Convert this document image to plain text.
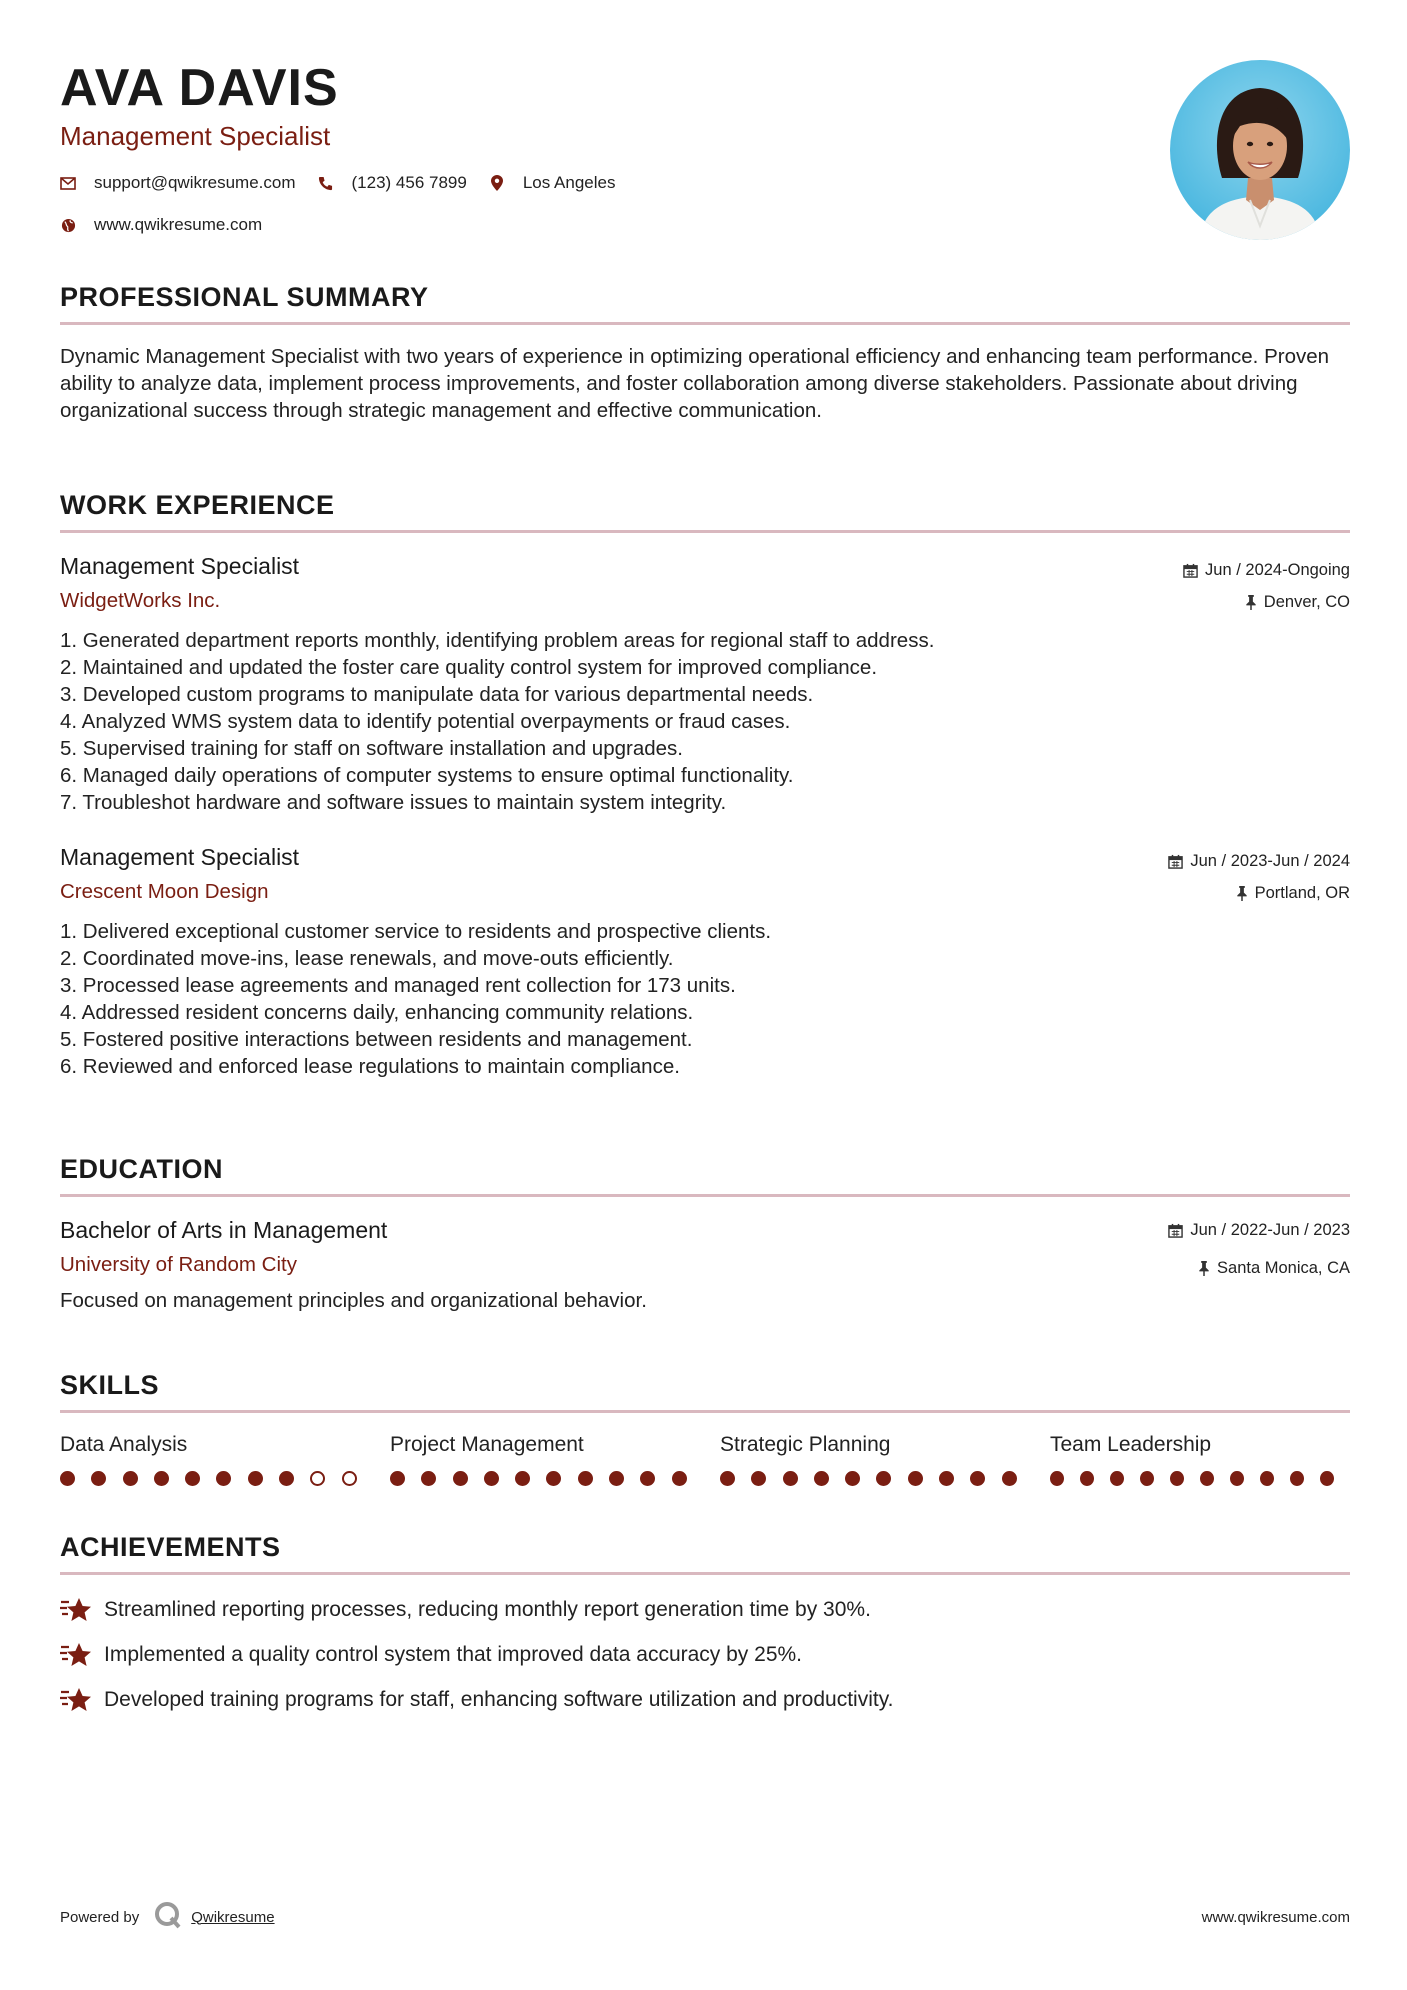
AVA DAVIS
Management Specialist
support@qwikresume.com	(123) 456 7899	Los Angeles
www.qwikresume.com
PROFESSIONAL SUMMARY
Dynamic Management Specialist with two years of experience in optimizing operational efficiency and enhancing team performance. Proven ability to analyze data, implement process improvements, and foster collaboration among diverse stakeholders. Passionate about driving organizational success through strategic management and effective communication.
WORK EXPERIENCE
Management Specialist
WidgetWorks Inc.
Jun / 2024-Ongoing
Denver, CO
1. Generated department reports monthly, identifying problem areas for regional staff to address.
2. Maintained and updated the foster care quality control system for improved compliance.
3. Developed custom programs to manipulate data for various departmental needs.
4. Analyzed WMS system data to identify potential overpayments or fraud cases.
5. Supervised training for staff on software installation and upgrades.
6. Managed daily operations of computer systems to ensure optimal functionality.
7. Troubleshot hardware and software issues to maintain system integrity.
Management Specialist
Crescent Moon Design
Jun / 2023-Jun / 2024
Portland, OR
1. Delivered exceptional customer service to residents and prospective clients.
2. Coordinated move-ins, lease renewals, and move-outs efficiently.
3. Processed lease agreements and managed rent collection for 173 units.
4. Addressed resident concerns daily, enhancing community relations.
5. Fostered positive interactions between residents and management.
6. Reviewed and enforced lease regulations to maintain compliance.
EDUCATION
Bachelor of Arts in Management
University of Random City
Jun / 2022-Jun / 2023
Santa Monica, CA
Focused on management principles and organizational behavior.
SKILLS
Data Analysis	Project Management	Strategic Planning	Team Leadership
ACHIEVEMENTS
Streamlined reporting processes, reducing monthly report generation time by 30%.
Implemented a quality control system that improved data accuracy by 25%.
Developed training programs for staff, enhancing software utilization and productivity.
Powered by	Qwikresume	www.qwikresume.com
